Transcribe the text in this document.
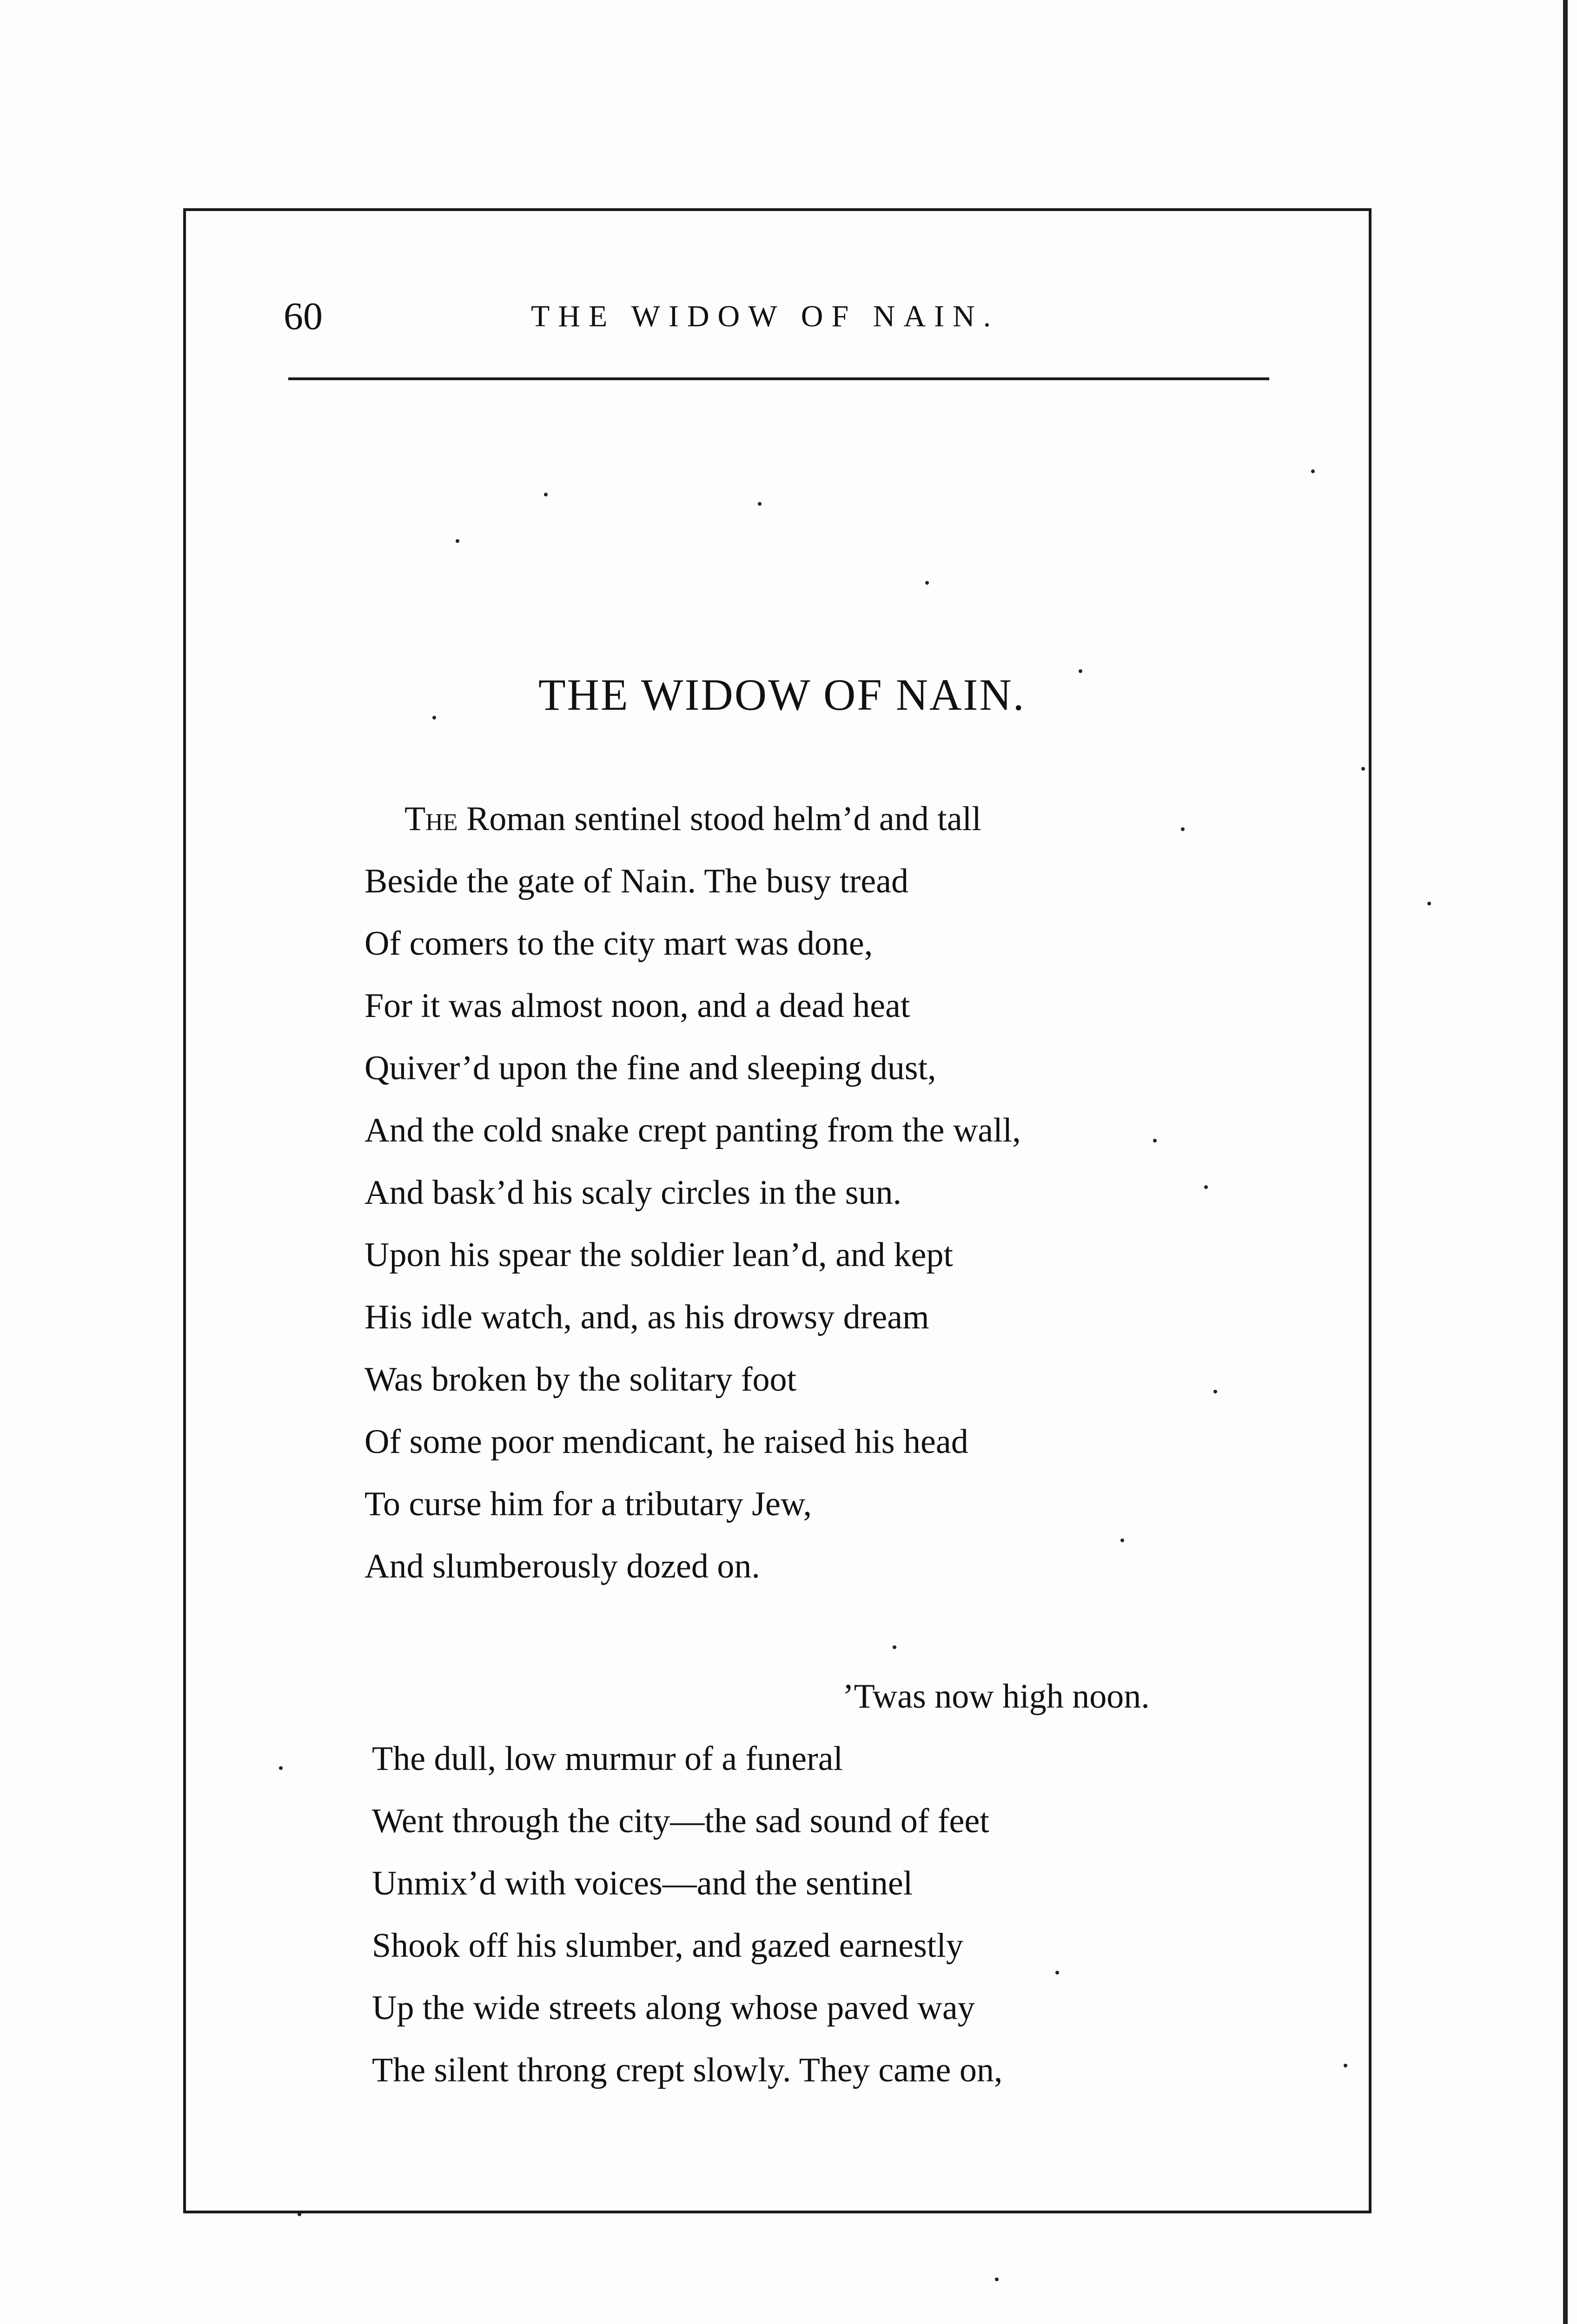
60	THE WIDOW OF NAIN.
THE WIDOW OF NAIN.
The Roman sentinel stood helm’d and tall
Beside the gate of Nain. The busy tread
Of comers to the city mart was done,
For it was almost noon, and a dead heat
Quiver’d upon the fine and sleeping dust,
And the cold snake crept panting from the wall,
And bask’d his scaly circles in the sun.
Upon his spear the soldier lean’d, and kept
His idle watch, and, as his drowsy dream
Was broken by the solitary foot
Of some poor mendicant, he raised his head
To curse him for a tributary Jew,
And slumberously dozed on.
’Twas now high noon.
The dull, low murmur of a funeral
Went through the city—the sad sound of feet
Unmix’d with voices—and the sentinel
Shook off his slumber, and gazed earnestly
Up the wide streets along whose paved way
The silent throng crept slowly. They came on,
